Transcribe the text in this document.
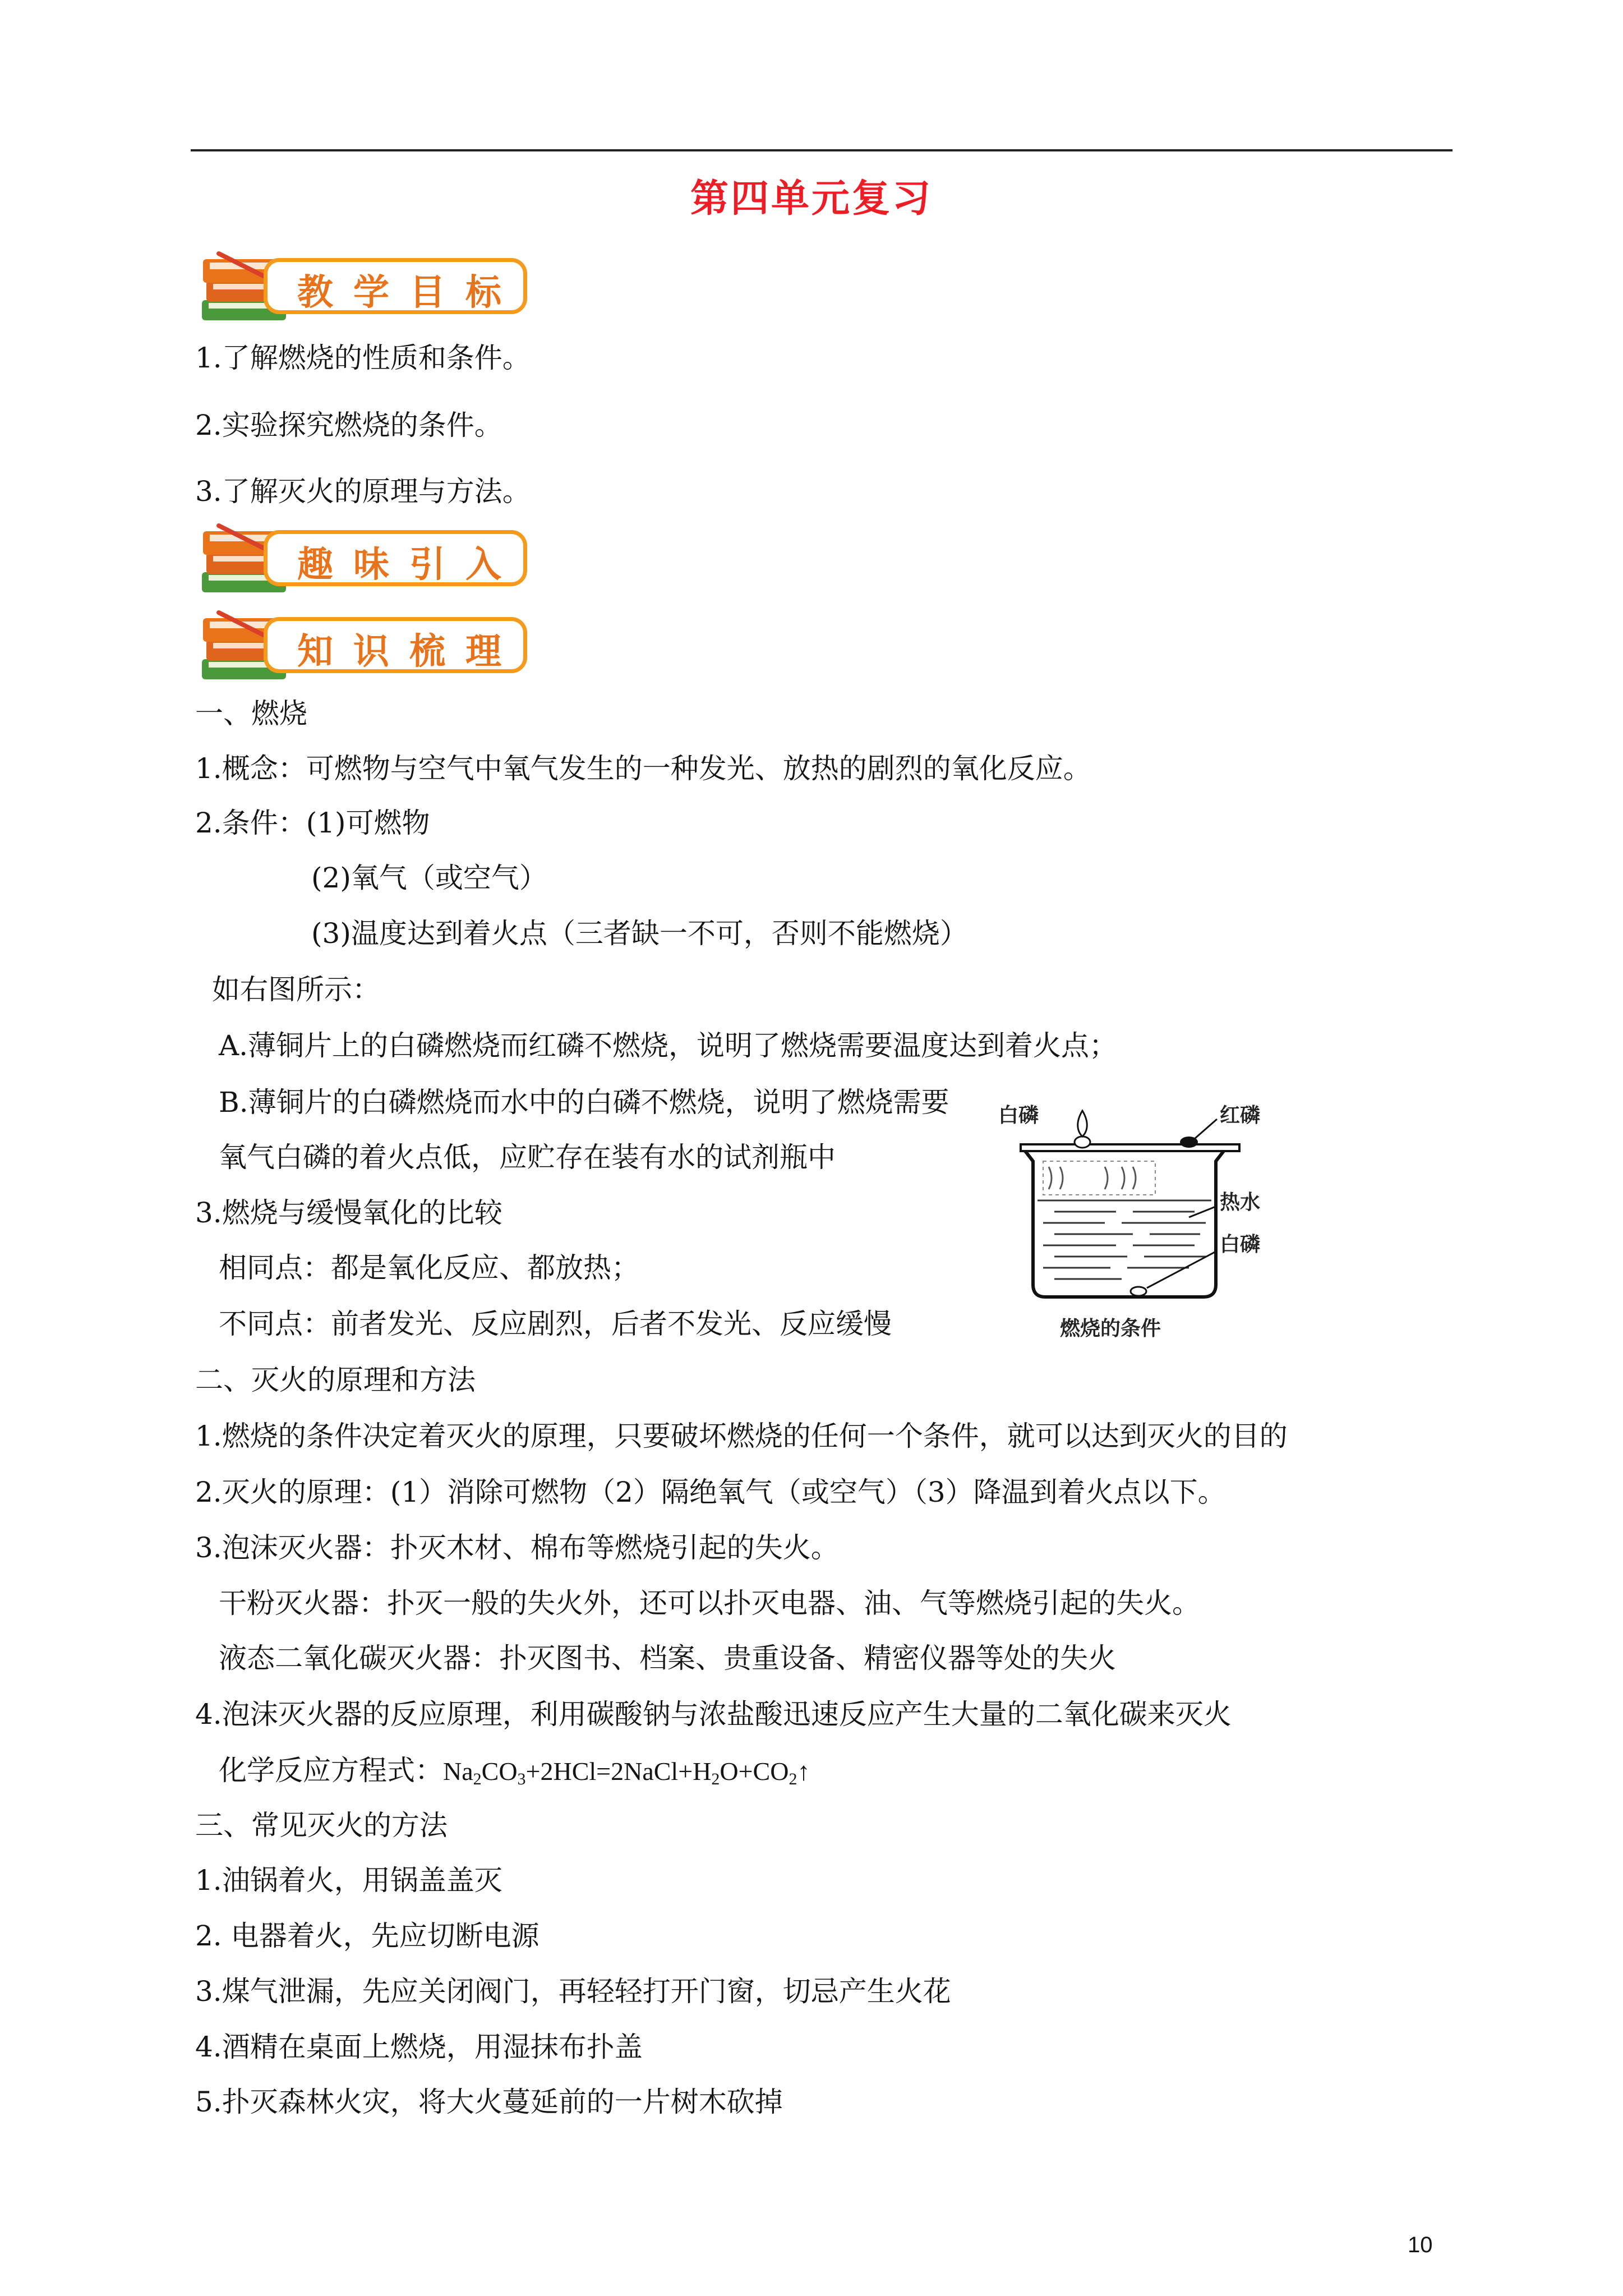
第四单元复习
教学目标
1.了解燃烧的性质和条件。
2.实验探究燃烧的条件。
3.了解灭火的原理与方法。
趣味引入
知识梳理
一、燃烧
1.概念：可燃物与空气中氧气发生的一种发光、放热的剧烈的氧化反应。
2.条件：(1)可燃物
(2)氧气（或空气）
(3)温度达到着火点（三者缺一不可，否则不能燃烧）
如右图所示：
A.薄铜片上的白磷燃烧而红磷不燃烧，说明了燃烧需要温度达到着火点；
B.薄铜片的白磷燃烧而水中的白磷不燃烧，说明了燃烧需要
氧气白磷的着火点低，应贮存在装有水的试剂瓶中
3.燃烧与缓慢氧化的比较
相同点：都是氧化反应、都放热；
不同点：前者发光、反应剧烈，后者不发光、反应缓慢
白磷	红磷
热水
白磷
燃烧的条件
二、灭火的原理和方法
1.燃烧的条件决定着灭火的原理，只要破坏燃烧的任何一个条件，就可以达到灭火的目的
2.灭火的原理：(1）消除可燃物（2）隔绝氧气（或空气）（3）降温到着火点以下。
3.泡沫灭火器：扑灭木材、棉布等燃烧引起的失火。
干粉灭火器：扑灭一般的失火外，还可以扑灭电器、油、气等燃烧引起的失火。
液态二氧化碳灭火器：扑灭图书、档案、贵重设备、精密仪器等处的失火
4.泡沫灭火器的反应原理，利用碳酸钠与浓盐酸迅速反应产生大量的二氧化碳来灭火
化学反应方程式：$Na_2CO_3+2HCl=2NaCl+H_2O+CO_2↑$
三、常见灭火的方法
1.油锅着火，用锅盖盖灭
2. 电器着火，先应切断电源
3.煤气泄漏，先应关闭阀门，再轻轻打开门窗，切忌产生火花
4.酒精在桌面上燃烧，用湿抹布扑盖
5.扑灭森林火灾，将大火蔓延前的一片树木砍掉
10
